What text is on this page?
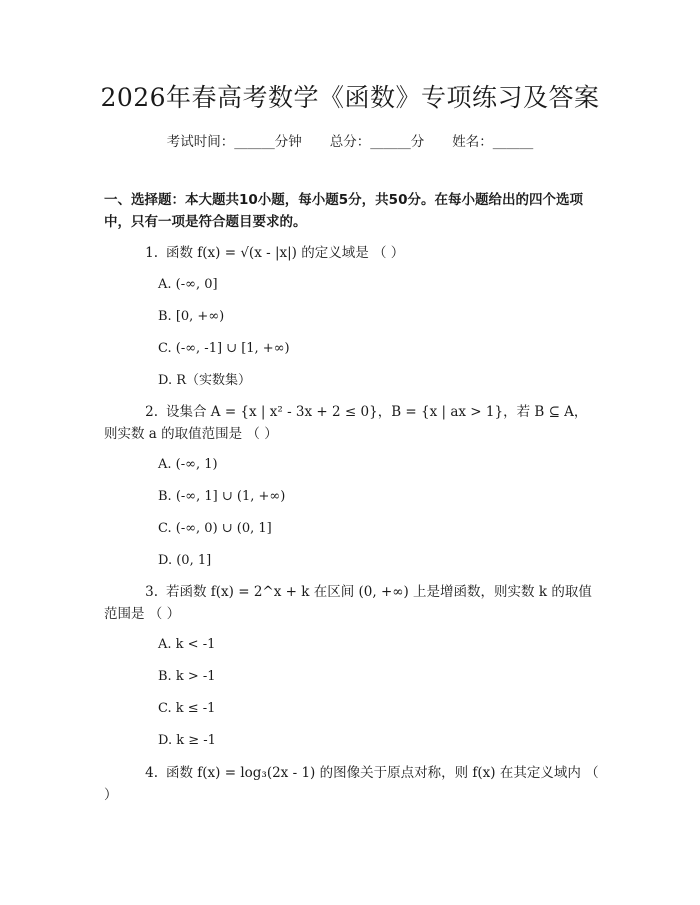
2026年春高考数学《函数》专项练习及答案
考试时间：______分钟 总分：______分 姓名：______
一、选择题：本大题共10小题，每小题5分，共50分。在每小题给出的四个选项中，只有一项是符合题目要求的。
1. 函数 f(x) = √(x - |x|) 的定义域是 （ ）
A. (-∞, 0]
B. [0, +∞)
C. (-∞, -1] ∪ [1, +∞)
D. R（实数集）
2. 设集合 A = {x | x² - 3x + 2 ≤ 0}，B = {x | ax > 1}，若 B ⊆ A，则实数 a 的取值范围是 （ ）
A. (-∞, 1)
B. (-∞, 1] ∪ (1, +∞)
C. (-∞, 0) ∪ (0, 1]
D. (0, 1]
3. 若函数 f(x) = 2^x + k 在区间 (0, +∞) 上是增函数，则实数 k 的取值范围是 （ ）
A. k < -1
B. k > -1
C. k ≤ -1
D. k ≥ -1
4. 函数 f(x) = log₃(2x - 1) 的图像关于原点对称，则 f(x) 在其定义域内 （ ）
